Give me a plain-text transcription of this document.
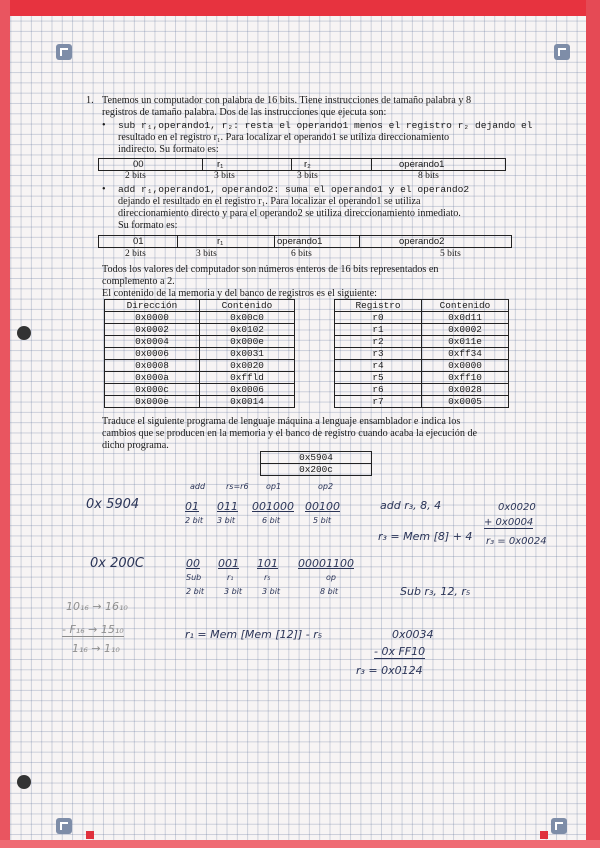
1. Tenemos un computador con palabra de 16 bits. Tiene instrucciones de tamaño palabra y 8
registros de tamaño palabra. Dos de las instrucciones que ejecuta son:
• sub r₁,operando1, r₂: resta el operando1 menos el registro r₂ dejando el
resultado en el registro r₁. Para localizar el operando1 se utiliza direccionamiento
indirecto. Su formato es:
00	r₁	r₂	operando1
2 bits	3 bits	3 bits	8 bits
• add r₁,operando1, operando2: suma el operando1 y el operando2
dejando el resultado en el registro r₁. Para localizar el operando1 se utiliza
direccionamiento directo y para el operando2 se utiliza direccionamiento inmediato.
Su formato es:
01	r₁	operando1	operando2
2 bits	3 bits	6 bits	5 bits
Todos los valores del computador son números enteros de 16 bits representados en
complemento a 2.
El contenido de la memoria y del banco de registros es el siguiente:
Dirección	Contenido
0x0000	0x00c0
0x0002	0x0102
0x0004	0x000e
0x0006	0x0031
0x0008	0x0020
0x000a	0xffld
0x000c	0x0006
0x000e	0x0014
Registro	Contenido
r0	0x0d11
r1	0x0002
r2	0x011e
r3	0xff34
r4	0x0000
r5	0xff10
r6	0x0028
r7	0x0005
Traduce el siguiente programa de lenguaje máquina a lenguaje ensamblador e indica los
cambios que se producen en la memoria y el banco de registro cuando acaba la ejecución de
dicho programa.
0x5904
0x200c
0x 5904
add	rs=r6 op1	op2
01 011 001000 00100
2 bit 3 bit	6 bit	5 bit
add r₃, 8, 4
r₃ = Mem [8] + 4
0x0020
+ 0x0004
r₃ = 0x0024
0x 200C	00 001 101 00001100
Sub	r₁	r₅	op
2 bit 3 bit 3 bit	8 bit	Sub r₃, 12, r₅
10₁₆ → 16₁₀
- F₁₆ → 15₁₀
1₁₆ → 1₁₀
r₁ = Mem [Mem [12]] - r₅	0x0034
- 0x FF10
r₃ = 0x0124
